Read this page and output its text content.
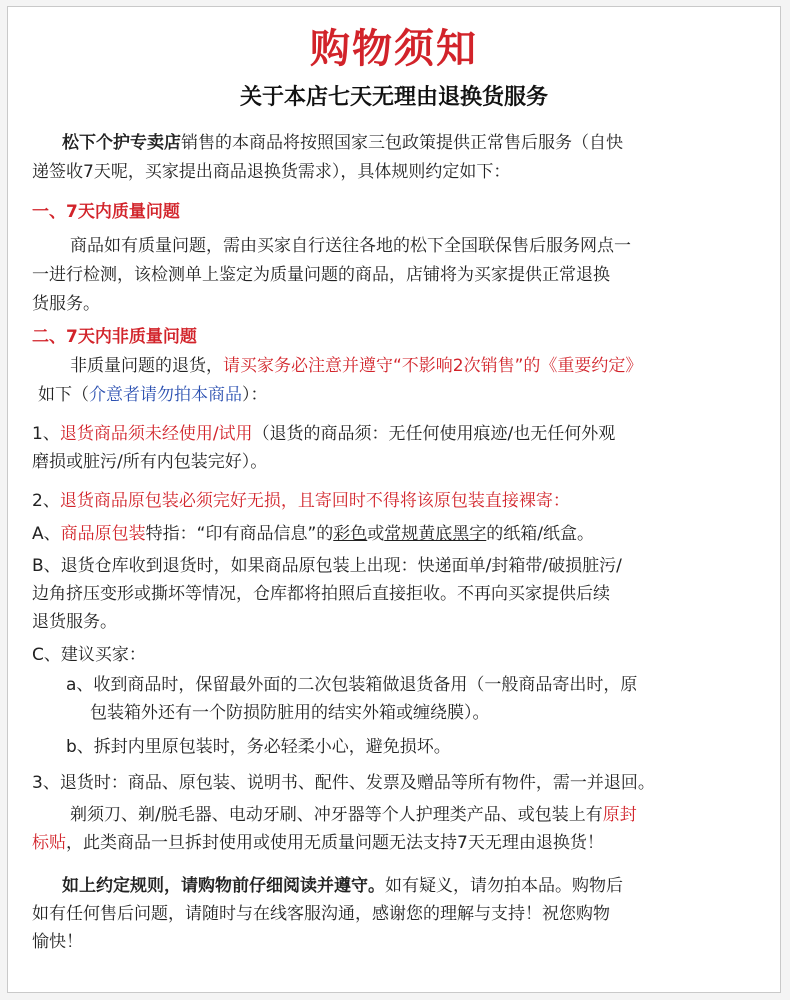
购物须知
关于本店七天无理由退换货服务
松下个护专卖店销售的本商品将按照国家三包政策提供正常售后服务（自快
递签收7天呢，买家提出商品退换货需求），具体规则约定如下：
一、7天内质量问题
商品如有质量问题，需由买家自行送往各地的松下全国联保售后服务网点一
一进行检测，该检测单上鉴定为质量问题的商品，店铺将为买家提供正常退换
货服务。
二、7天内非质量问题
非质量问题的退货，请买家务必注意并遵守“不影响2次销售”的《重要约定》
如下（介意者请勿拍本商品）：
1、退货商品须未经使用/试用（退货的商品须：无任何使用痕迹/也无任何外观
磨损或脏污/所有内包装完好）。
2、退货商品原包装必须完好无损，且寄回时不得将该原包装直接裸寄：
A、商品原包装特指：“印有商品信息”的彩色或常规黄底黑字的纸箱/纸盒。
B、退货仓库收到退货时，如果商品原包装上出现：快递面单/封箱带/破损脏污/
边角挤压变形或撕坏等情况，仓库都将拍照后直接拒收。不再向买家提供后续
退货服务。
C、建议买家：
a、收到商品时，保留最外面的二次包装箱做退货备用（一般商品寄出时，原
包装箱外还有一个防损防脏用的结实外箱或缠绕膜）。
b、拆封内里原包装时，务必轻柔小心，避免损坏。
3、退货时：商品、原包装、说明书、配件、发票及赠品等所有物件，需一并退回。
剃须刀、剃/脱毛器、电动牙刷、冲牙器等个人护理类产品、或包装上有原封
标贴，此类商品一旦拆封使用或使用无质量问题无法支持7天无理由退换货！
如上约定规则，请购物前仔细阅读并遵守。如有疑义，请勿拍本品。购物后
如有任何售后问题，请随时与在线客服沟通，感谢您的理解与支持！祝您购物
愉快！
